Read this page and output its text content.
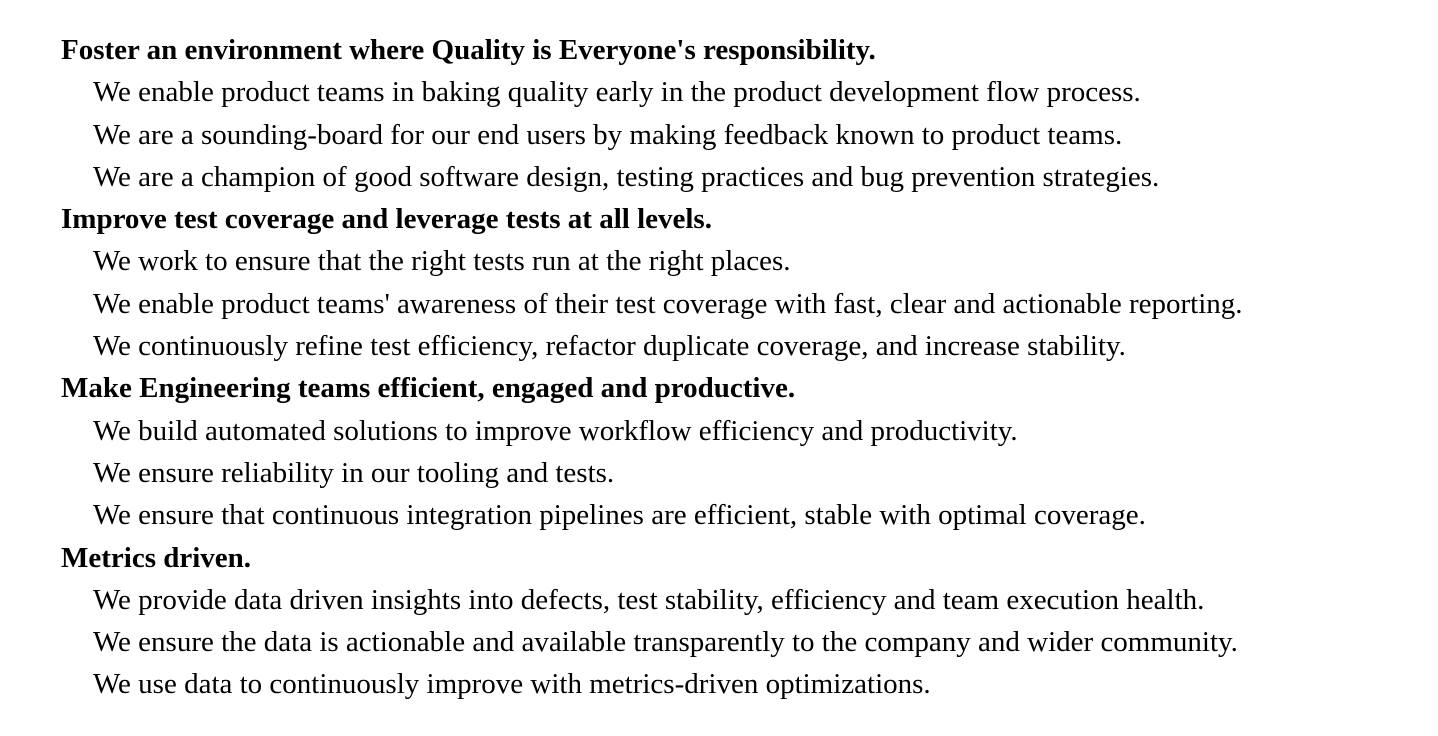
Foster an environment where Quality is Everyone's responsibility.

We enable product teams in baking quality early in the product development flow process.

We are a sounding-board for our end users by making feedback known to product teams.

We are a champion of good software design, testing practices and bug prevention strategies.

Improve test coverage and leverage tests at all levels.

We work to ensure that the right tests run at the right places.

We enable product teams' awareness of their test coverage with fast, clear and actionable reporting.

We continuously refine test efficiency, refactor duplicate coverage, and increase stability.

Make Engineering teams efficient, engaged and productive.

We build automated solutions to improve workflow efficiency and productivity.

We ensure reliability in our tooling and tests.

We ensure that continuous integration pipelines are efficient, stable with optimal coverage.

Metrics driven.

We provide data driven insights into defects, test stability, efficiency and team execution health.

We ensure the data is actionable and available transparently to the company and wider community.

We use data to continuously improve with metrics-driven optimizations.
